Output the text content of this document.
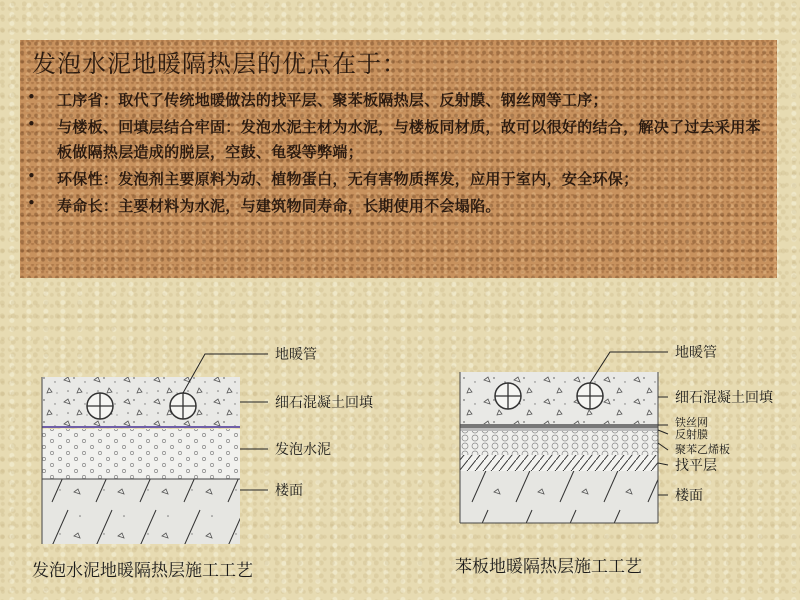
发泡水泥地暖隔热层的优点在于：
• 工序省：取代了传统地暖做法的找平层、聚苯板隔热层、反射膜、钢丝网等工序；
• 与楼板、回填层结合牢固：发泡水泥主材为水泥，与楼板同材质，故可以很好的结合，解决了过去采用苯板做隔热层造成的脱层，空鼓、龟裂等弊端；
• 环保性：发泡剂主要原料为动、植物蛋白，无有害物质挥发，应用于室内，安全环保；
• 寿命长：主要材料为水泥，与建筑物同寿命，长期使用不会塌陷。
地暖管
细石混凝土回填
发泡水泥
楼面
发泡水泥地暖隔热层施工工艺
地暖管
细石混凝土回填
铁丝网
反射膜
聚苯乙烯板
找平层
楼面
苯板地暖隔热层施工工艺
